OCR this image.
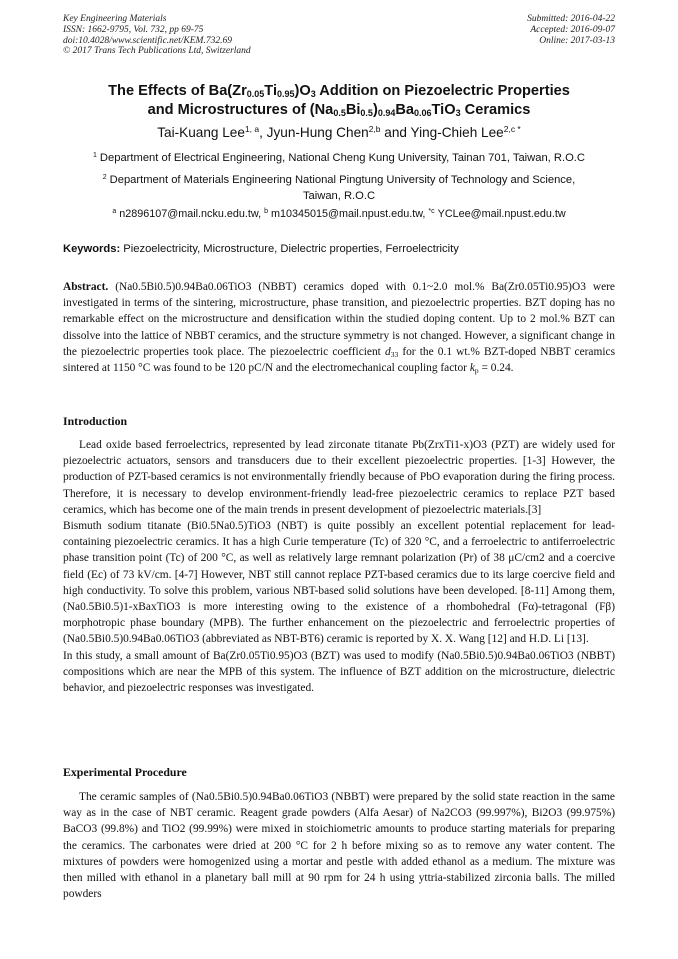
Key Engineering Materials
ISSN: 1662-9795, Vol. 732, pp 69-75
doi:10.4028/www.scientific.net/KEM.732.69
© 2017 Trans Tech Publications Ltd, Switzerland
Submitted: 2016-04-22
Accepted: 2016-09-07
Online: 2017-03-13
The Effects of $Ba(Zr_{0.05}Ti_{0.95})O_3$ Addition on Piezoelectric Properties
and Microstructures of $(Na_{0.5}Bi_{0.5})_{0.94}Ba_{0.06}TiO_3$ Ceramics
Tai-Kuang Lee$^{1, a}$, Jyun-Hung Chen$^{2,b}$ and Ying-Chieh Lee$^{2,c *}$
$^1$ Department of Electrical Engineering, National Cheng Kung University, Tainan 701, Taiwan, R.O.C
$^2$ Department of Materials Engineering National Pingtung University of Technology and Science,
Taiwan, R.O.C
$^a$ n2896107@mail.ncku.edu.tw, $^b$ m10345015@mail.npust.edu.tw, $^{*c}$ YCLee@mail.npust.edu.tw
Keywords: Piezoelectricity, Microstructure, Dielectric properties, Ferroelectricity

Abstract. (Na0.5Bi0.5)0.94Ba0.06TiO3 (NBBT) ceramics doped with 0.1~2.0 mol.% Ba(Zr0.05Ti0.95)O3 were investigated in terms of the sintering, microstructure, phase transition, and piezoelectric properties. BZT doping has no remarkable effect on the microstructure and densification within the studied doping content. Up to 2 mol.% BZT can dissolve into the lattice of NBBT ceramics, and the structure symmetry is not changed. However, a significant change in the piezoelectric properties took place. The piezoelectric coefficient $d_{33}$ for the 0.1 wt.% BZT-doped NBBT ceramics sintered at 1150 °C was found to be 120 pC/N and the electromechanical coupling factor $k_p = 0.24$.

Introduction

Lead oxide based ferroelectrics, represented by lead zirconate titanate Pb(ZrxTi1-x)O3 (PZT) are widely used for piezoelectric actuators, sensors and transducers due to their excellent piezoelectric properties. [1-3] However, the production of PZT-based ceramics is not environmentally friendly because of PbO evaporation during the firing process. Therefore, it is necessary to develop environment-friendly lead-free piezoelectric ceramics to replace PZT based ceramics, which has become one of the main trends in present development of piezoelectric materials.[3]

Bismuth sodium titanate (Bi0.5Na0.5)TiO3 (NBT) is quite possibly an excellent potential replacement for lead-containing piezoelectric ceramics. It has a high Curie temperature (Tc) of 320 °C, and a ferroelectric to antiferroelectric phase transition point (Tc) of 200 °C, as well as relatively large remnant polarization (Pr) of 38 μC/cm2 and a coercive field (Ec) of 73 kV/cm. [4-7] However, NBT still cannot replace PZT-based ceramics due to its large coercive field and high conductivity. To solve this problem, various NBT-based solid solutions have been developed. [8-11] Among them, (Na0.5Bi0.5)1-xBaxTiO3 is more interesting owing to the existence of a rhombohedral (Fα)-tetragonal (Fβ) morphotropic phase boundary (MPB). The further enhancement on the piezoelectric and ferroelectric properties of (Na0.5Bi0.5)0.94Ba0.06TiO3 (abbreviated as NBT-BT6) ceramic is reported by X. X. Wang [12] and H.D. Li [13].

In this study, a small amount of Ba(Zr0.05Ti0.95)O3 (BZT) was used to modify (Na0.5Bi0.5)0.94Ba0.06TiO3 (NBBT) compositions which are near the MPB of this system. The influence of BZT addition on the microstructure, dielectric behavior, and piezoelectric responses was investigated.

Experimental Procedure

The ceramic samples of (Na0.5Bi0.5)0.94Ba0.06TiO3 (NBBT) were prepared by the solid state reaction in the same way as in the case of NBT ceramic. Reagent grade powders (Alfa Aesar) of Na2CO3 (99.997%), Bi2O3 (99.975%) BaCO3 (99.8%) and TiO2 (99.99%) were mixed in stoichiometric amounts to produce starting materials for preparing the ceramics. The carbonates were dried at 200 °C for 2 h before mixing so as to remove any water content. The mixtures of powders were homogenized using a mortar and pestle with added ethanol as a medium. The mixture was then milled with ethanol in a planetary ball mill at 90 rpm for 24 h using yttria-stabilized zirconia balls. The milled powders
